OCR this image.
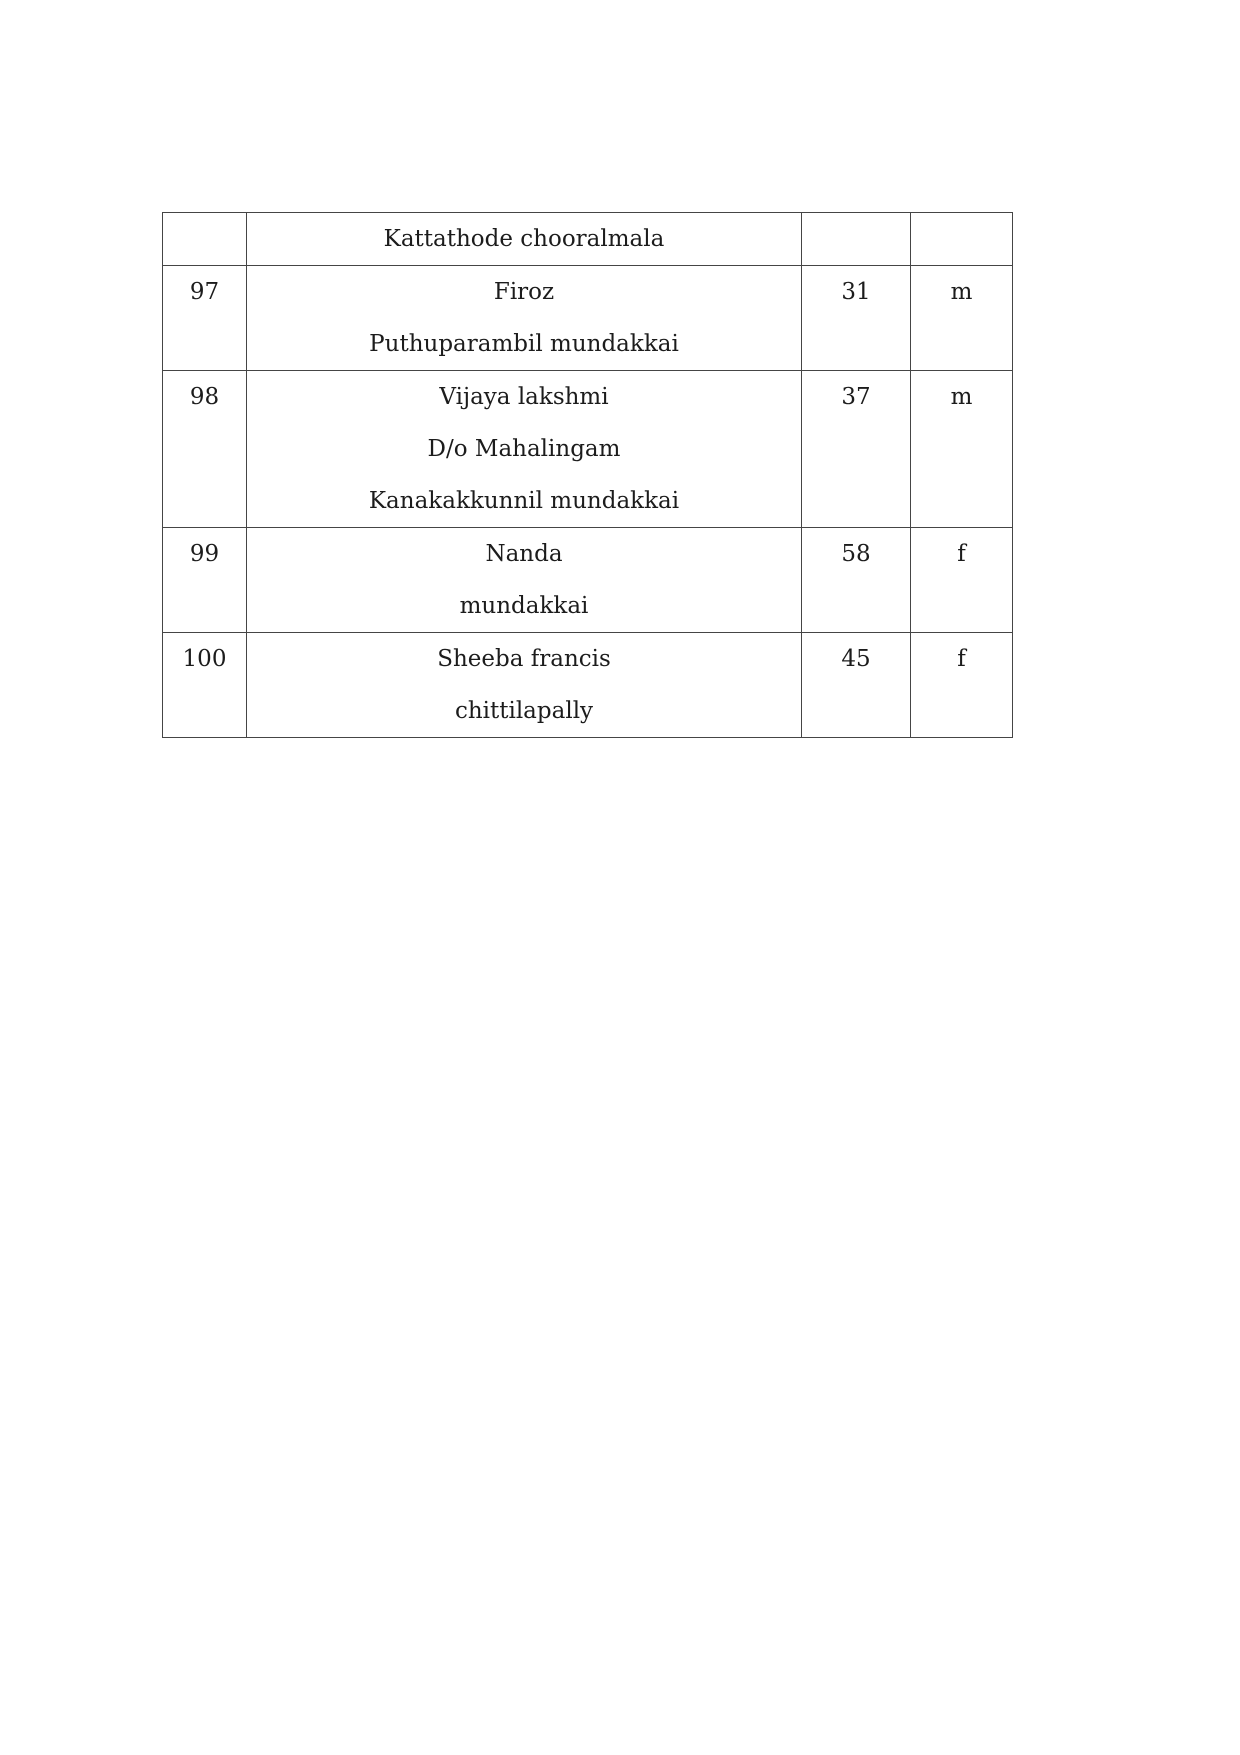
	Kattathode chooralmala		

97	Firoz
Puthuparambil mundakkai	31	m

98	Vijaya lakshmi
D/o Mahalingam
Kanakakkunnil mundakkai	37	m

99	Nanda
mundakkai	58	f

100	Sheeba francis
chittilapally	45	f
